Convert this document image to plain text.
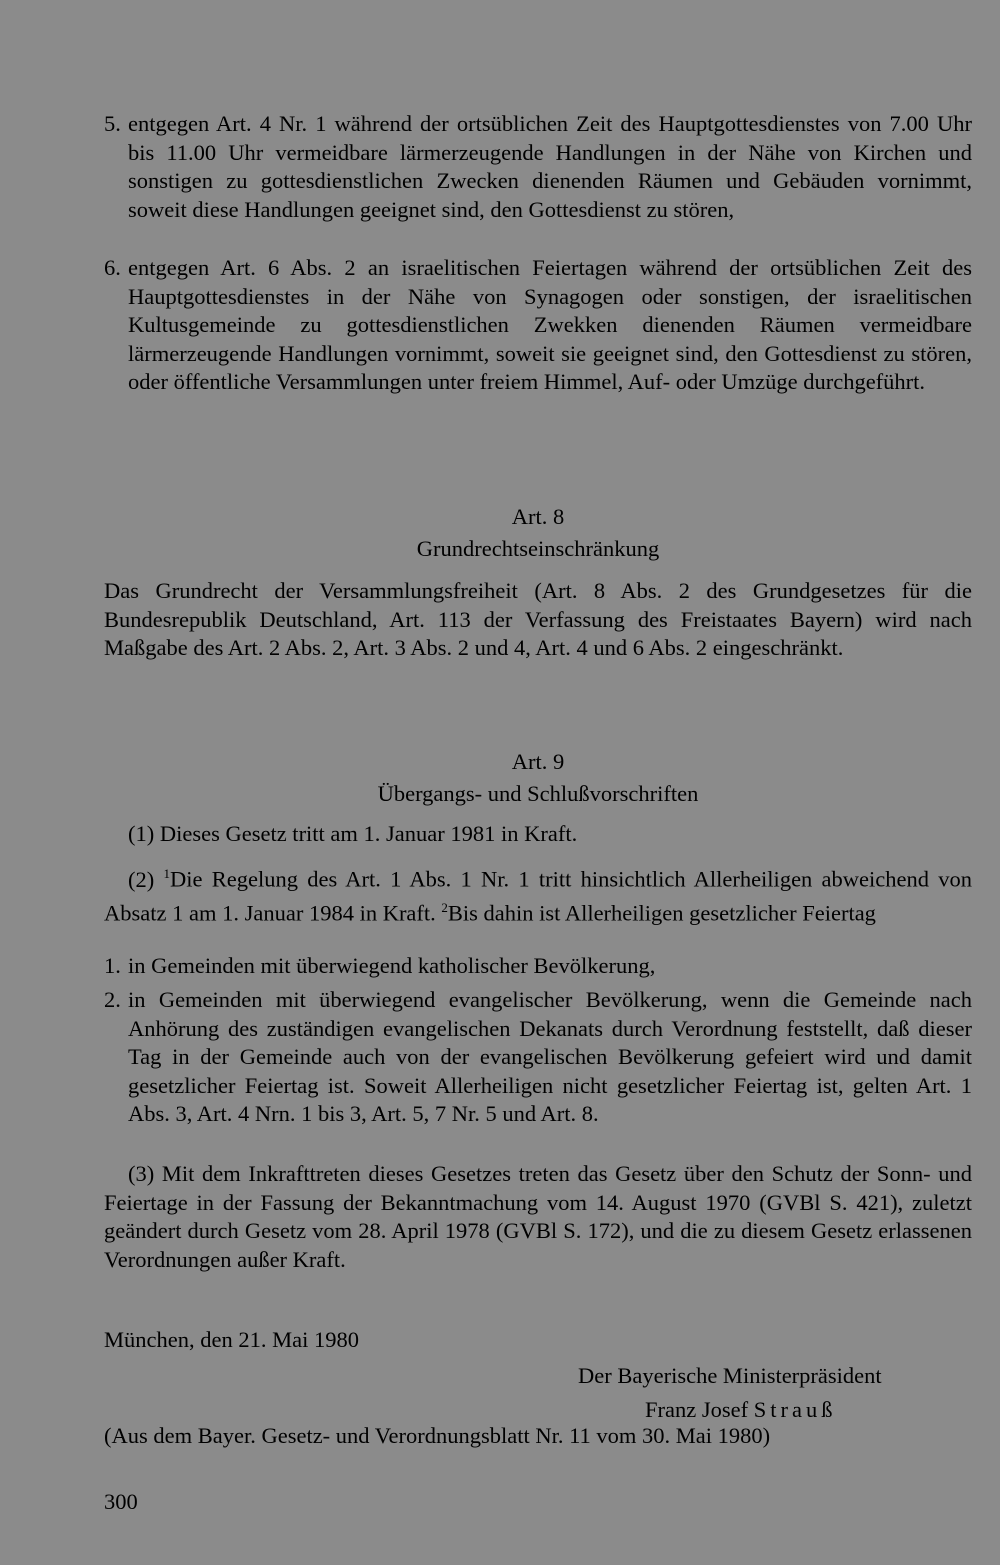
5. entgegen Art. 4 Nr. 1 während der ortsüblichen Zeit des Hauptgottesdienstes von 7.00 Uhr bis 11.00 Uhr vermeidbare lärmerzeugende Handlungen in der Nähe von Kirchen und sonstigen zu gottesdienstlichen Zwecken dienenden Räumen und Gebäuden vornimmt, soweit diese Handlungen geeignet sind, den Gottesdienst zu stören,
6. entgegen Art. 6 Abs. 2 an israelitischen Feiertagen während der ortsüblichen Zeit des Hauptgottesdienstes in der Nähe von Synagogen oder sonstigen, der israelitischen Kultusgemeinde zu gottesdienstlichen Zwekken dienenden Räumen vermeidbare lärmerzeugende Handlungen vornimmt, soweit sie geeignet sind, den Gottesdienst zu stören, oder öffentliche Versammlungen unter freiem Himmel, Auf- oder Umzüge durchgeführt.
Art. 8
Grundrechtseinschränkung
Das Grundrecht der Versammlungsfreiheit (Art. 8 Abs. 2 des Grundgesetzes für die Bundesrepublik Deutschland, Art. 113 der Verfassung des Freistaates Bayern) wird nach Maßgabe des Art. 2 Abs. 2, Art. 3 Abs. 2 und 4, Art. 4 und 6 Abs. 2 eingeschränkt.
Art. 9
Übergangs- und Schlußvorschriften
(1) Dieses Gesetz tritt am 1. Januar 1981 in Kraft.
(2) $^1$Die Regelung des Art. 1 Abs. 1 Nr. 1 tritt hinsichtlich Allerheiligen abweichend von Absatz 1 am 1. Januar 1984 in Kraft. $^2$Bis dahin ist Allerheiligen gesetzlicher Feiertag
1. in Gemeinden mit überwiegend katholischer Bevölkerung,
2. in Gemeinden mit überwiegend evangelischer Bevölkerung, wenn die Gemeinde nach Anhörung des zuständigen evangelischen Dekanats durch Verordnung feststellt, daß dieser Tag in der Gemeinde auch von der evangelischen Bevölkerung gefeiert wird und damit gesetzlicher Feiertag ist. Soweit Allerheiligen nicht gesetzlicher Feiertag ist, gelten Art. 1 Abs. 3, Art. 4 Nrn. 1 bis 3, Art. 5, 7 Nr. 5 und Art. 8.
(3) Mit dem Inkrafttreten dieses Gesetzes treten das Gesetz über den Schutz der Sonn- und Feiertage in der Fassung der Bekanntmachung vom 14. August 1970 (GVBl S. 421), zuletzt geändert durch Gesetz vom 28. April 1978 (GVBl S. 172), und die zu diesem Gesetz erlassenen Verordnungen außer Kraft.
München, den 21. Mai 1980
Der Bayerische Ministerpräsident
Franz Josef Strauß
(Aus dem Bayer. Gesetz- und Verordnungsblatt Nr. 11 vom 30. Mai 1980)
300
